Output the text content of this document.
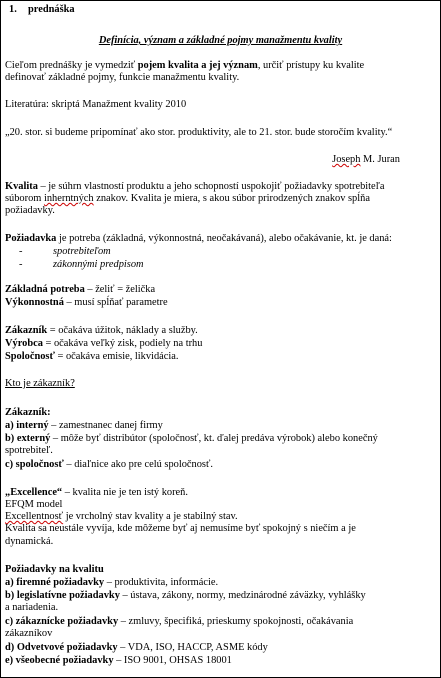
1. prednáška
Definícia, význam a základné pojmy manažmentu kvality
Cieľom prednášky je vymedziť pojem kvalita a jej význam, určiť prístupy ku kvalite
definovať základné pojmy, funkcie manažmentu kvality.
Literatúra: skriptá Manažment kvality 2010
„20. stor. si budeme pripomínať ako stor. produktivity, ale to 21. stor. bude storočím kvality.“
Joseph M. Juran
Kvalita – je súhrn vlastností produktu a jeho schopností uspokojiť požiadavky spotrebiteľa
súborom inherntných znakov. Kvalita je miera, s akou súbor prirodzených znakov spĺňa
požiadavky.
Požiadavka je potreba (základná, výkonnostná, neočakávaná), alebo očakávanie, kt. je daná:
-	spotrebiteľom
-	zákonnými predpisom
Základná potreba – želiť = želička
Výkonnostná – musí spĺňať parametre
Zákazník = očakáva úžitok, náklady a služby.
Výrobca = očakáva veľký zisk, podiely na trhu
Spoločnosť = očakáva emisie, likvidácia.
Kto je zákazník?
Zákazník:
a) interný – zamestnanec danej firmy
b) externý – môže byť distribútor (spoločnosť, kt. ďalej predáva výrobok) alebo konečný
spotrebiteľ.
c) spoločnosť – diaľnice ako pre celú spoločnosť.
„Excellence“ – kvalita nie je ten istý koreň.
EFQM model
Excellentnosť je vrcholný stav kvality a je stabilný stav.
Kvalita sa neustále vyvíja, kde môžeme byť aj nemusíme byť spokojný s niečím a je
dynamická.
Požiadavky na kvalitu
a) firemné požiadavky – produktivita, informácie.
b) legislatívne požiadavky – ústava, zákony, normy, medzinárodné záväzky, vyhlášky
a nariadenia.
c) zákaznícke požiadavky – zmluvy, špecifiká, prieskumy spokojnosti, očakávania
zákazníkov
d) Odvetvové požiadavky – VDA, ISO, HACCP, ASME kódy
e) všeobecné požiadavky – ISO 9001, OHSAS 18001
